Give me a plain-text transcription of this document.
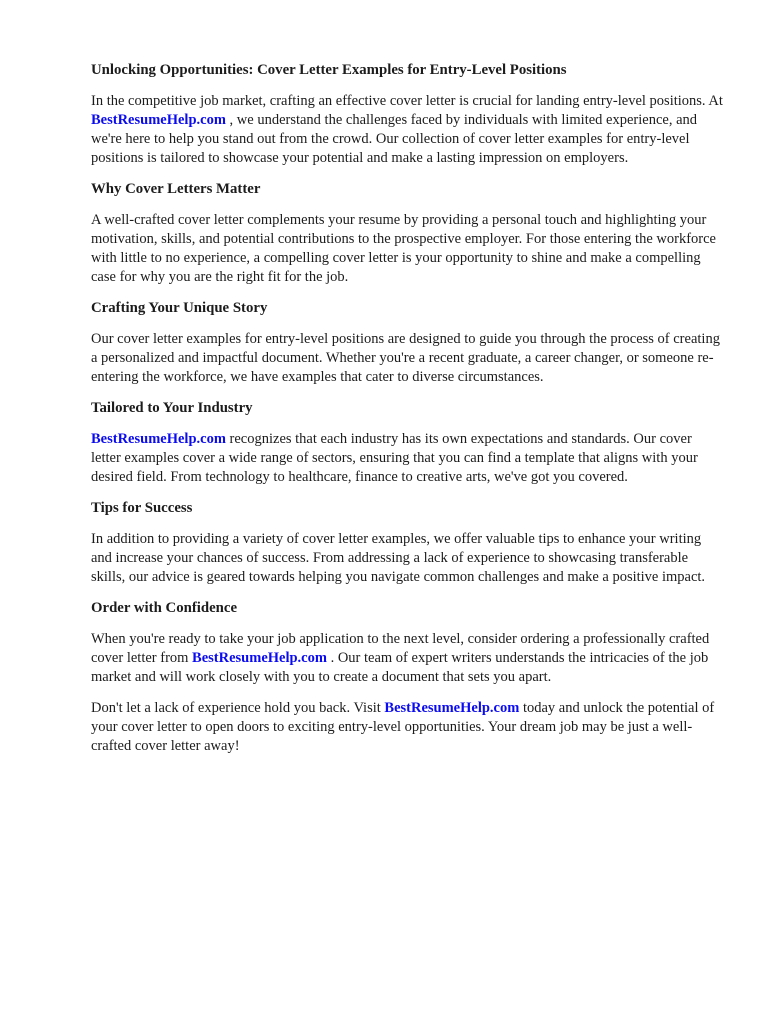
Unlocking Opportunities: Cover Letter Examples for Entry-Level Positions

In the competitive job market, crafting an effective cover letter is crucial for landing entry-level positions. At BestResumeHelp.com , we understand the challenges faced by individuals with limited experience, and we're here to help you stand out from the crowd. Our collection of cover letter examples for entry-level positions is tailored to showcase your potential and make a lasting impression on employers.

Why Cover Letters Matter

A well-crafted cover letter complements your resume by providing a personal touch and highlighting your motivation, skills, and potential contributions to the prospective employer. For those entering the workforce with little to no experience, a compelling cover letter is your opportunity to shine and make a compelling case for why you are the right fit for the job.

Crafting Your Unique Story

Our cover letter examples for entry-level positions are designed to guide you through the process of creating a personalized and impactful document. Whether you're a recent graduate, a career changer, or someone re-entering the workforce, we have examples that cater to diverse circumstances.

Tailored to Your Industry

BestResumeHelp.com recognizes that each industry has its own expectations and standards. Our cover letter examples cover a wide range of sectors, ensuring that you can find a template that aligns with your desired field. From technology to healthcare, finance to creative arts, we've got you covered.

Tips for Success

In addition to providing a variety of cover letter examples, we offer valuable tips to enhance your writing and increase your chances of success. From addressing a lack of experience to showcasing transferable skills, our advice is geared towards helping you navigate common challenges and make a positive impact.

Order with Confidence

When you're ready to take your job application to the next level, consider ordering a professionally crafted cover letter from BestResumeHelp.com . Our team of expert writers understands the intricacies of the job market and will work closely with you to create a document that sets you apart.

Don't let a lack of experience hold you back. Visit BestResumeHelp.com today and unlock the potential of your cover letter to open doors to exciting entry-level opportunities. Your dream job may be just a well-crafted cover letter away!
